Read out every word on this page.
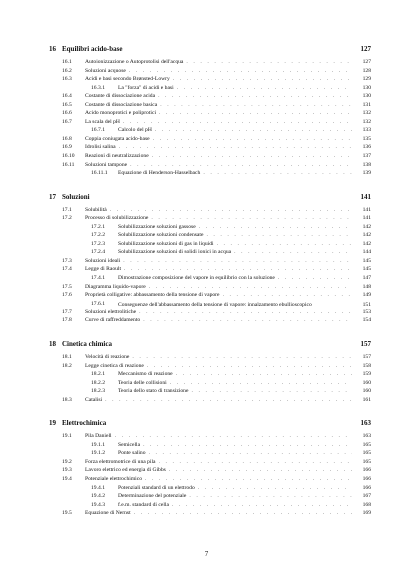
16 Equilibri acido-base	127
16.1	Autoionizzazione o Autoprotolisi dell'acqua . . .	127
16.2	Soluzioni acquose . . .	128
16.3	Acidi e basi secondo Brønsted-Lowry . . .	129
16.3.1	La "forza" di acidi e basi . . .	130
16.4	Costante di dissociazione acida . . .	130
16.5	Costante di dissociazione basica . . .	131
16.6	Acido monoprotici e poliprotici . . .	132
16.7	La scala del pH . . .	132
16.7.1	Calcolo del pH . . .	133
16.8	Coppia coniugata acido-base . . .	135
16.9	Idrolisi salina . . .	136
16.10	Reazioni di neutralizzazione . . .	137
16.11	Soluzioni tampone . . .	138
16.11.1	Equazione di Henderson-Hasselbach . . .	139
17 Soluzioni	141
17.1	Solubilità . . .	141
17.2	Processo di solubilizzazione . . .	141
17.2.1	Solubilizzazione soluzioni gassose . . .	142
17.2.2	Solubilizzazione soluzioni condensate . . .	142
17.2.3	Solubilizzazione soluzioni di gas in liquidi . . .	142
17.2.4	Solubilizzazione soluzioni di solidi ionici in acqua . . .	144
17.3	Soluzioni ideali . . .	145
17.4	Legge di Raoult . . .	145
17.4.1	Dimostrazione composizione del vapore in equilibrio con la soluzione . . .	147
17.5	Diagramma liquido-vapore . . .	148
17.6	Proprietà colligative: abbassamento della tensione di vapore . . .	149
17.6.1	Conseguenze dell'abbassamento della tensione di vapore: innalzamento ebullioscopico	151
17.7	Soluzioni elettrolitiche . . .	153
17.8	Curve di raffreddamento . . .	154
18 Cinetica chimica	157
18.1	Velocità di reazione . . .	157
18.2	Legge cinetica di reazione . . .	158
18.2.1	Meccanismo di reazione . . .	159
18.2.2	Teoria delle collisioni . . .	160
18.2.3	Teoria dello stato di transizione . . .	160
18.3	Catalisi . . .	161
19 Elettrochimica	163
19.1	Pila Daniell . . .	163
19.1.1	Semicella . . .	165
19.1.2	Ponte salino . . .	165
19.2	Forza elettromotrice di una pila . . .	165
19.3	Lavoro elettrico ed energia di Gibbs . . .	166
19.4	Potenziale elettrochimico . . .	166
19.4.1	Potenziali standard di un elettrodo . . .	166
19.4.2	Determinazione del potenziale . . .	167
19.4.3	f.e.m. standard di cella . . .	168
19.5	Equazione di Nernst . . .	169
7
